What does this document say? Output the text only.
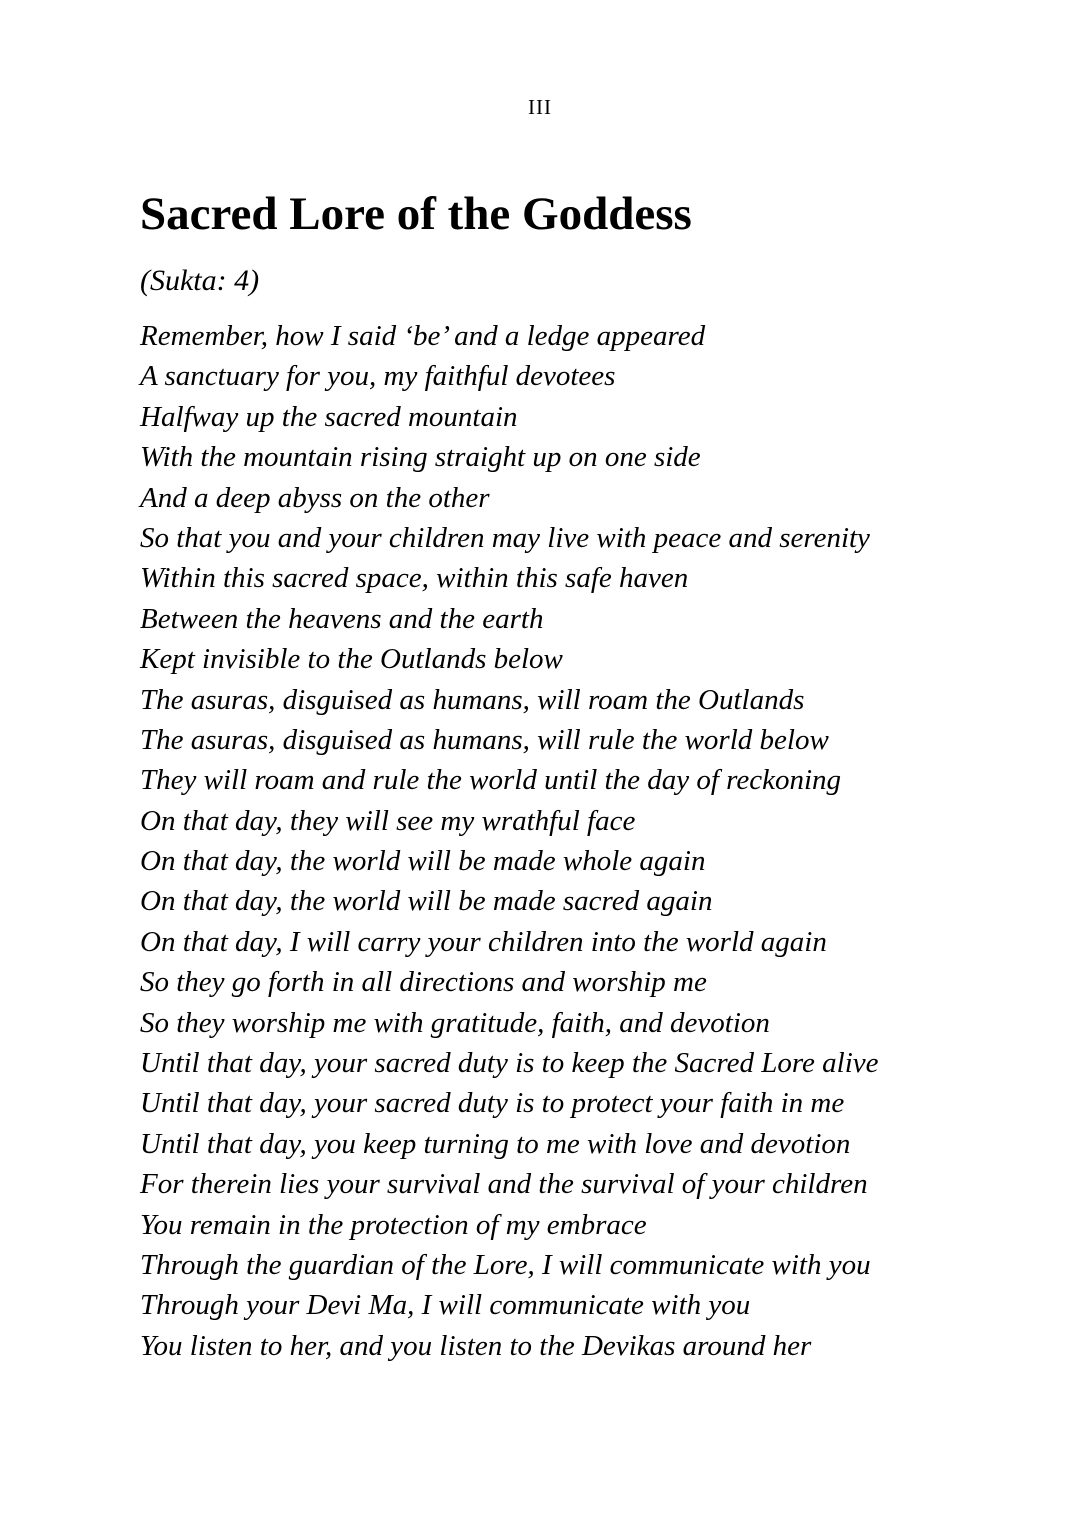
III
Sacred Lore of the Goddess

(Sukta: 4)

Remember, how I said ‘be’ and a ledge appeared
A sanctuary for you, my faithful devotees
Halfway up the sacred mountain
With the mountain rising straight up on one side
And a deep abyss on the other
So that you and your children may live with peace and serenity
Within this sacred space, within this safe haven
Between the heavens and the earth
Kept invisible to the Outlands below
The asuras, disguised as humans, will roam the Outlands
The asuras, disguised as humans, will rule the world below
They will roam and rule the world until the day of reckoning
On that day, they will see my wrathful face
On that day, the world will be made whole again
On that day, the world will be made sacred again
On that day, I will carry your children into the world again
So they go forth in all directions and worship me
So they worship me with gratitude, faith, and devotion
Until that day, your sacred duty is to keep the Sacred Lore alive
Until that day, your sacred duty is to protect your faith in me
Until that day, you keep turning to me with love and devotion
For therein lies your survival and the survival of your children
You remain in the protection of my embrace
Through the guardian of the Lore, I will communicate with you
Through your Devi Ma, I will communicate with you
You listen to her, and you listen to the Devikas around her
